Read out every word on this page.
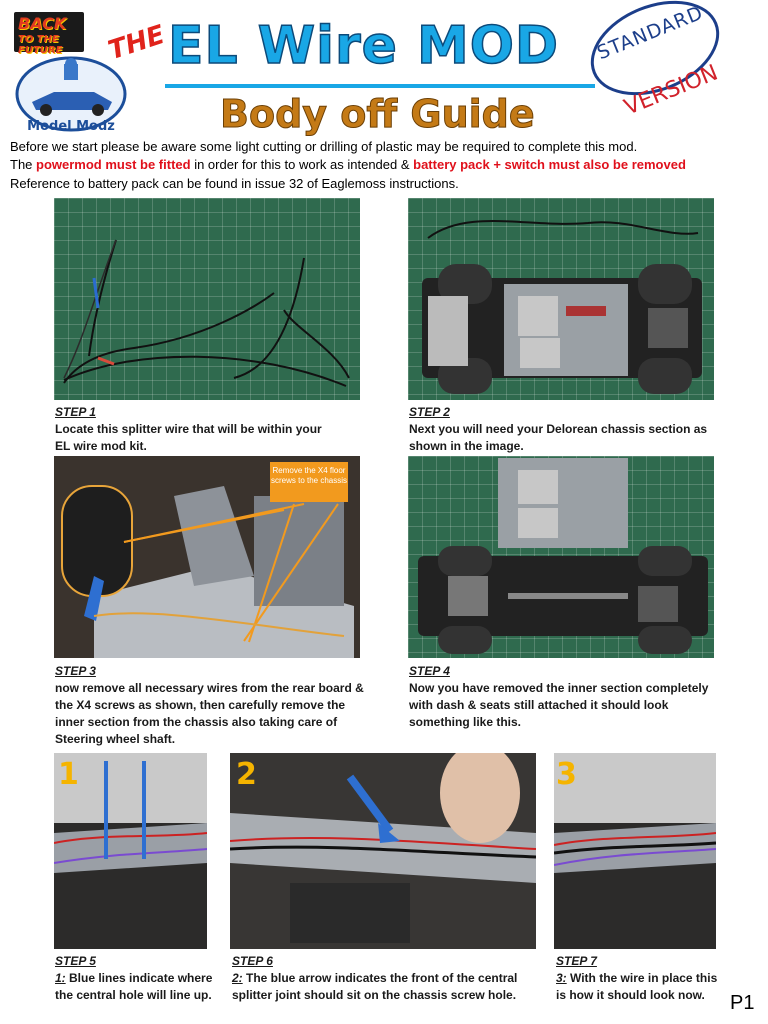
BACK
TO THE FUTURE
Model Modz
THE EL Wire MOD
Body off Guide
STANDARD
VERSION
Before we start please be aware some light cutting or drilling of plastic may be required to complete this mod.
The powermod must be fitted in order for this to work as intended & battery pack + switch must also be removed
Reference to battery pack can be found in issue 32 of Eaglemoss instructions.
STEP 1
Locate this splitter wire that will be within your
EL wire mod kit.
STEP 2
Next you will need your Delorean chassis section as
shown in the image.
Remove the X4 floor screws to the chassis
STEP 3
now remove all necessary wires from the rear board &
the X4 screws as shown, then carefully remove the
inner section from the chassis also taking care of
Steering wheel shaft.
STEP 4
Now you have removed the inner section completely
with dash & seats still attached it should look
something like this.
1
STEP 5
1: Blue lines indicate where
the central hole will line up.
2
STEP 6
2: The blue arrow indicates the front of the central
splitter joint should sit on the chassis screw hole.
3
STEP 7
3: With the wire in place this
is how it should look now.	P1
